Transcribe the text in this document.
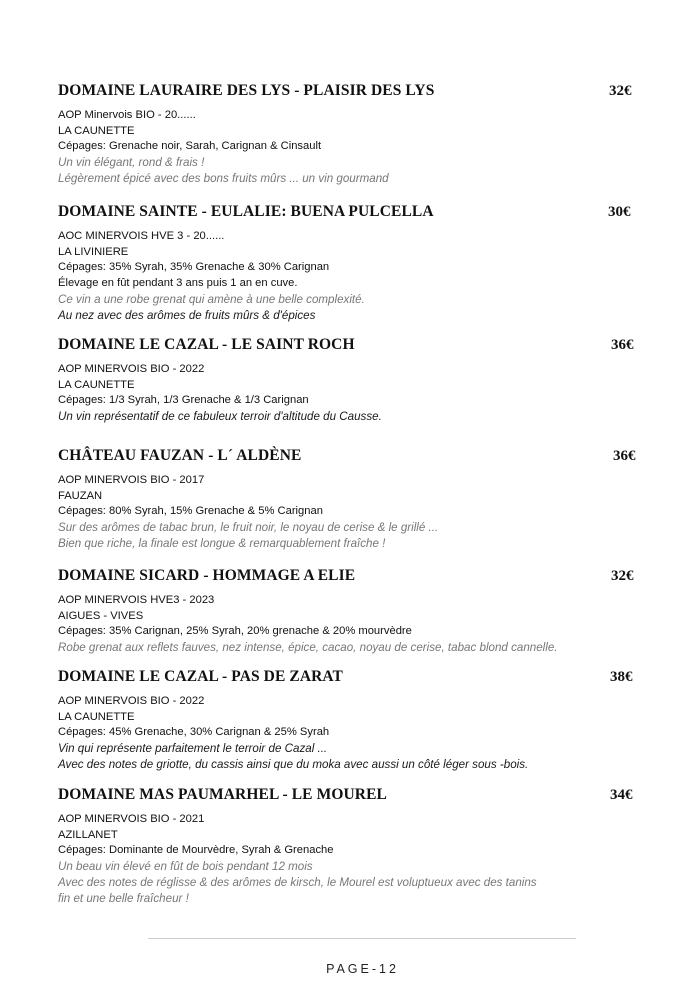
DOMAINE LAURAIRE DES LYS - PLAISIR DES LYS	32€
AOP Minervois BIO - 20......
LA CAUNETTE
Cépages: Grenache noir, Sarah, Carignan & Cinsault
Un vin élégant, rond & frais !
Légèrement épicé avec des bons fruits mûrs ... un vin gourmand
DOMAINE SAINTE - EULALIE: BUENA PULCELLA	30€
AOC MINERVOIS HVE 3 - 20......
LA LIVINIERE
Cépages: 35% Syrah, 35% Grenache & 30% Carignan
Élevage en fût pendant 3 ans puis 1 an en cuve.
Ce vin a une robe grenat qui amène à une belle complexité.
Au nez avec des arômes de fruits mûrs & d'épices
DOMAINE LE CAZAL - LE SAINT ROCH	36€
AOP MINERVOIS BIO - 2022
LA CAUNETTE
Cépages: 1/3 Syrah, 1/3 Grenache & 1/3 Carignan
Un vin représentatif de ce fabuleux terroir d'altitude du Causse.
CHÂTEAU FAUZAN - L´ ALDÈNE	36€
AOP MINERVOIS BIO - 2017
FAUZAN
Cépages: 80% Syrah, 15% Grenache & 5% Carignan
Sur des arômes de tabac brun, le fruit noir, le noyau de cerise & le grillé ...
Bien que riche, la finale est longue & remarquablement fraîche !
DOMAINE SICARD - HOMMAGE A ELIE	32€
AOP MINERVOIS HVE3 - 2023
AIGUES - VIVES
Cépages: 35% Carignan, 25% Syrah, 20% grenache & 20% mourvèdre
Robe grenat aux reflets fauves, nez intense, épice, cacao, noyau de cerise, tabac blond cannelle.
DOMAINE LE CAZAL - PAS DE ZARAT	38€
AOP MINERVOIS BIO - 2022
LA CAUNETTE
Cépages: 45% Grenache, 30% Carignan & 25% Syrah
Vin qui représente parfaitement le terroir de Cazal ...
Avec des notes de griotte, du cassis ainsi que du moka avec aussi un côté léger sous -bois.
DOMAINE MAS PAUMARHEL - LE MOUREL	34€
AOP MINERVOIS BIO - 2021
AZILLANET
Cépages: Dominante de Mourvèdre, Syrah & Grenache
Un beau vin élevé en fût de bois pendant 12 mois
Avec des notes de réglisse & des arômes de kirsch, le Mourel est voluptueux avec des tanins
fin et une belle fraîcheur !
PAGE-12
